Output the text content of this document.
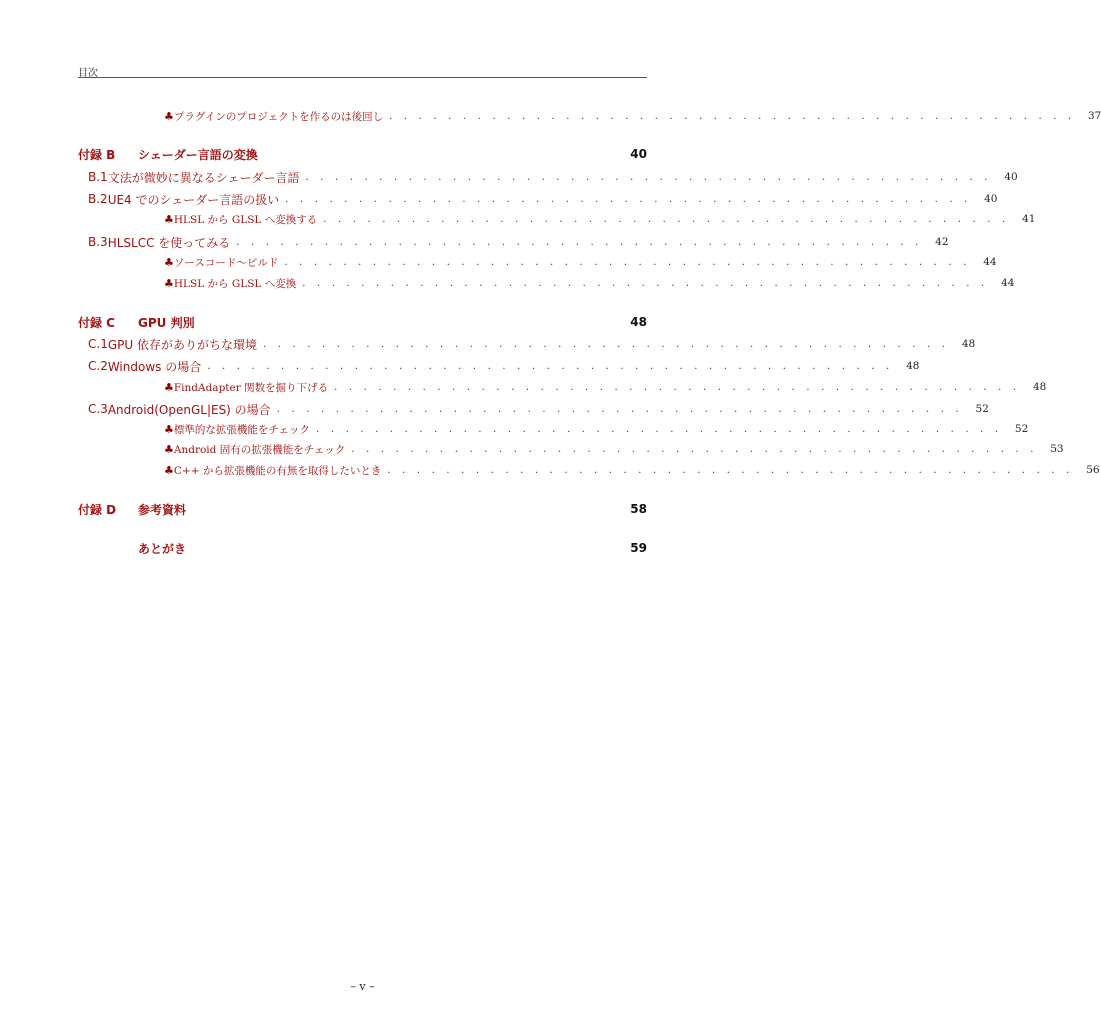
目次
♣ プラグインのプロジェクトを作るのは後回し . . . . . . . . . . . . . . . . . . . . . . . . . . . . . . . . . . . . . . . . . . . . . . .	37
付録 B	シェーダー言語の変換	40
B.1 文法が微妙に異なるシェーダー言語 . . . . . . . . . . . . . . . . . . . . . . . . . . . . . . . . . . . . . . . . . . . . . . .	40
B.2 UE4 でのシェーダー言語の扱い . . . . . . . . . . . . . . . . . . . . . . . . . . . . . . . . . . . . . . . . . . . . . . .	40
♣ HLSL から GLSL へ変換する . . . . . . . . . . . . . . . . . . . . . . . . . . . . . . . . . . . . . . . . . . . . . . .	41
B.3 HLSLCC を使ってみる . . . . . . . . . . . . . . . . . . . . . . . . . . . . . . . . . . . . . . . . . . . . . . .	42
♣ ソースコード～ビルド . . . . . . . . . . . . . . . . . . . . . . . . . . . . . . . . . . . . . . . . . . . . . . .	44
♣ HLSL から GLSL へ変換 . . . . . . . . . . . . . . . . . . . . . . . . . . . . . . . . . . . . . . . . . . . . . . .	44
付録 C	GPU 判別	48
C.1 GPU 依存がありがちな環境 . . . . . . . . . . . . . . . . . . . . . . . . . . . . . . . . . . . . . . . . . . . . . . .	48
C.2 Windows の場合 . . . . . . . . . . . . . . . . . . . . . . . . . . . . . . . . . . . . . . . . . . . . . . .	48
♣ FindAdapter 関数を掘り下げる . . . . . . . . . . . . . . . . . . . . . . . . . . . . . . . . . . . . . . . . . . . . . . .	48
C.3 Android(OpenGL|ES) の場合 . . . . . . . . . . . . . . . . . . . . . . . . . . . . . . . . . . . . . . . . . . . . . . .	52
♣ 標準的な拡張機能をチェック . . . . . . . . . . . . . . . . . . . . . . . . . . . . . . . . . . . . . . . . . . . . . . .	52
♣ Android 固有の拡張機能をチェック . . . . . . . . . . . . . . . . . . . . . . . . . . . . . . . . . . . . . . . . . . . . . . .	53
♣ C++ から拡張機能の有無を取得したいとき . . . . . . . . . . . . . . . . . . . . . . . . . . . . . . . . . . . . . . . . . . . . . . .	56
付録 D	参考資料	58
あとがき	59
– v –
